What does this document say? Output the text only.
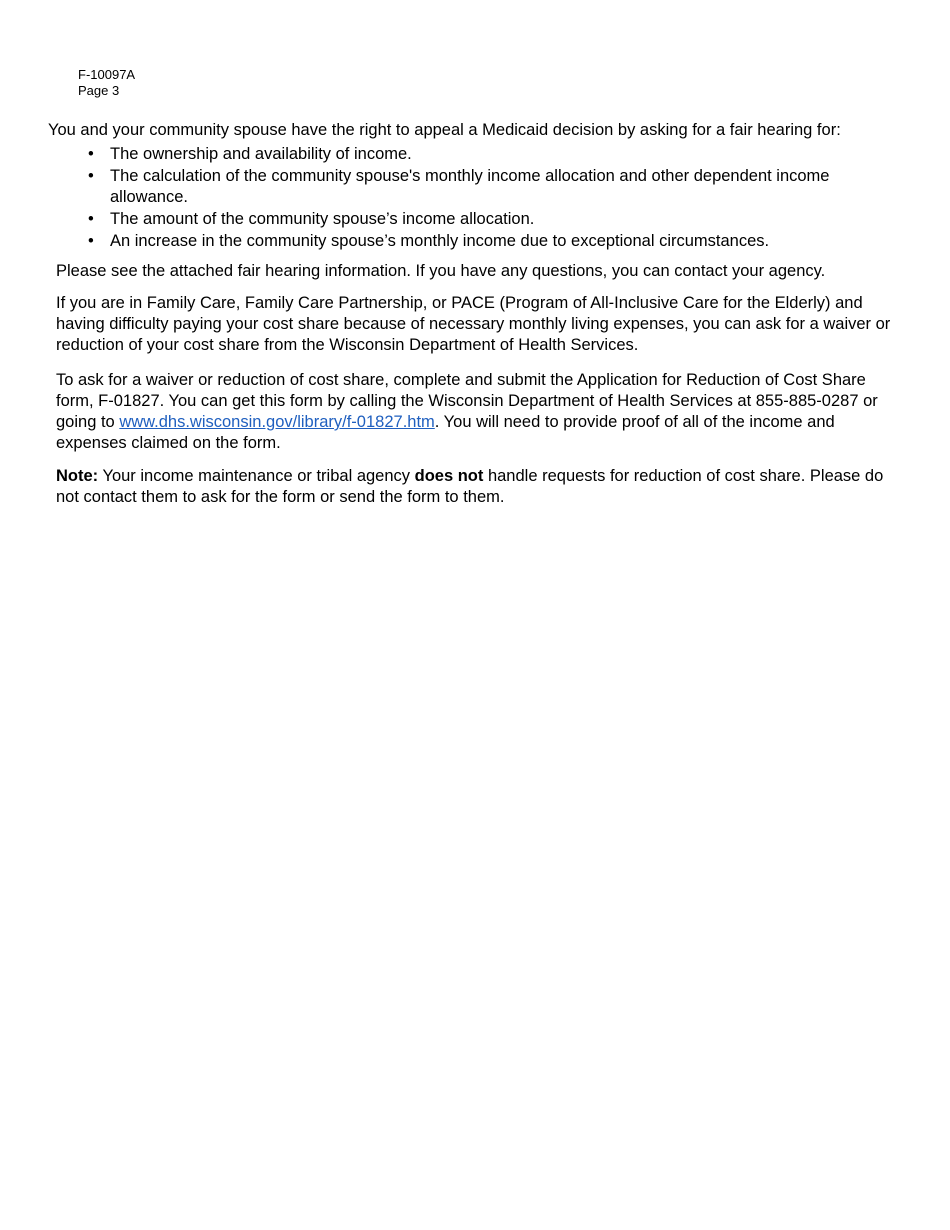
F-10097A
Page 3

You and your community spouse have the right to appeal a Medicaid decision by asking for a fair hearing for:

• The ownership and availability of income.
• The calculation of the community spouse's monthly income allocation and other dependent income allowance.
• The amount of the community spouse’s income allocation.
• An increase in the community spouse’s monthly income due to exceptional circumstances.

Please see the attached fair hearing information. If you have any questions, you can contact your agency.

If you are in Family Care, Family Care Partnership, or PACE (Program of All-Inclusive Care for the Elderly) and having difficulty paying your cost share because of necessary monthly living expenses, you can ask for a waiver or reduction of your cost share from the Wisconsin Department of Health Services.

To ask for a waiver or reduction of cost share, complete and submit the Application for Reduction of Cost Share form, F-01827. You can get this form by calling the Wisconsin Department of Health Services at 855-885-0287 or going to www.dhs.wisconsin.gov/library/f-01827.htm. You will need to provide proof of all of the income and expenses claimed on the form.

Note: Your income maintenance or tribal agency does not handle requests for reduction of cost share. Please do not contact them to ask for the form or send the form to them.
